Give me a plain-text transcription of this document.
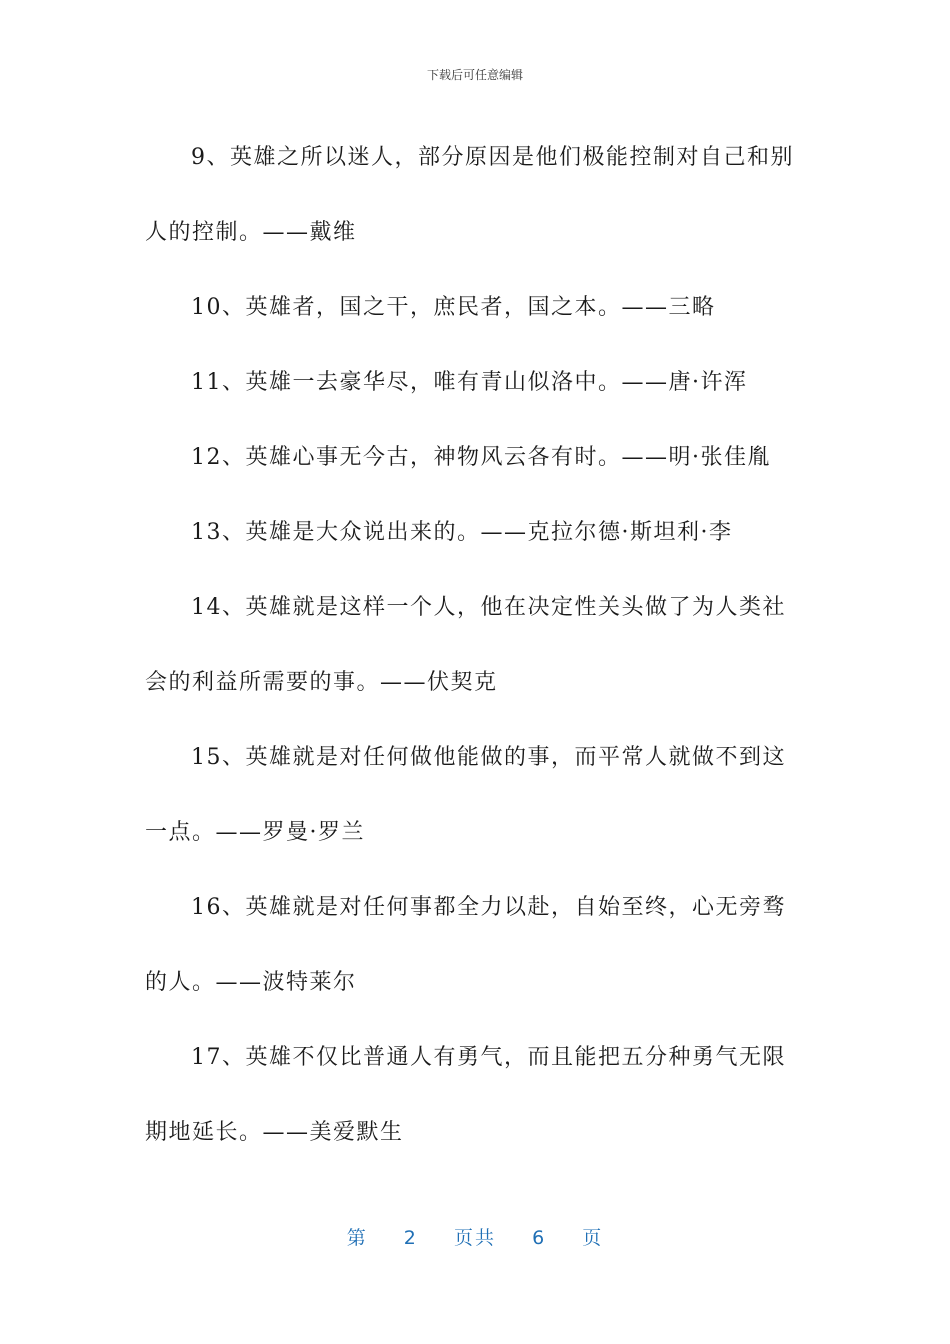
下载后可任意编辑

9、英雄之所以迷人，部分原因是他们极能控制对自己和别人的控制。——戴维

10、英雄者，国之干，庶民者，国之本。——三略

11、英雄一去豪华尽，唯有青山似洛中。——唐·许浑

12、英雄心事无今古，神物风云各有时。——明·张佳胤

13、英雄是大众说出来的。——克拉尔德·斯坦利·李

14、英雄就是这样一个人，他在决定性关头做了为人类社会的利益所需要的事。——伏契克

15、英雄就是对任何做他能做的事，而平常人就做不到这一点。——罗曼·罗兰

16、英雄就是对任何事都全力以赴，自始至终，心无旁骛的人。——波特莱尔

17、英雄不仅比普通人有勇气，而且能把五分种勇气无限期地延长。——美爱默生

第 2 页共 6 页
